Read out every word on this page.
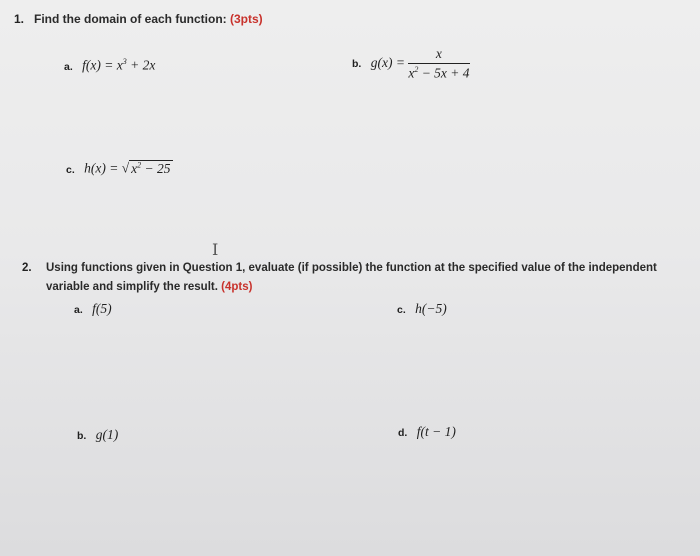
1. Find the domain of each function: (3pts)
a. $f(x) = x^3 + 2x$	b. $g(x) = \frac{x}{x^2 - 5x + 4}$
c. h(x) = √ $x^2 - 25$
I
2. Using functions given in Question 1, evaluate (if possible) the function at the specified value of the independent
variable and simplify the result. (4pts)
a. f(5)	c. h(−5)
b. g(1)	d. f(t − 1)
